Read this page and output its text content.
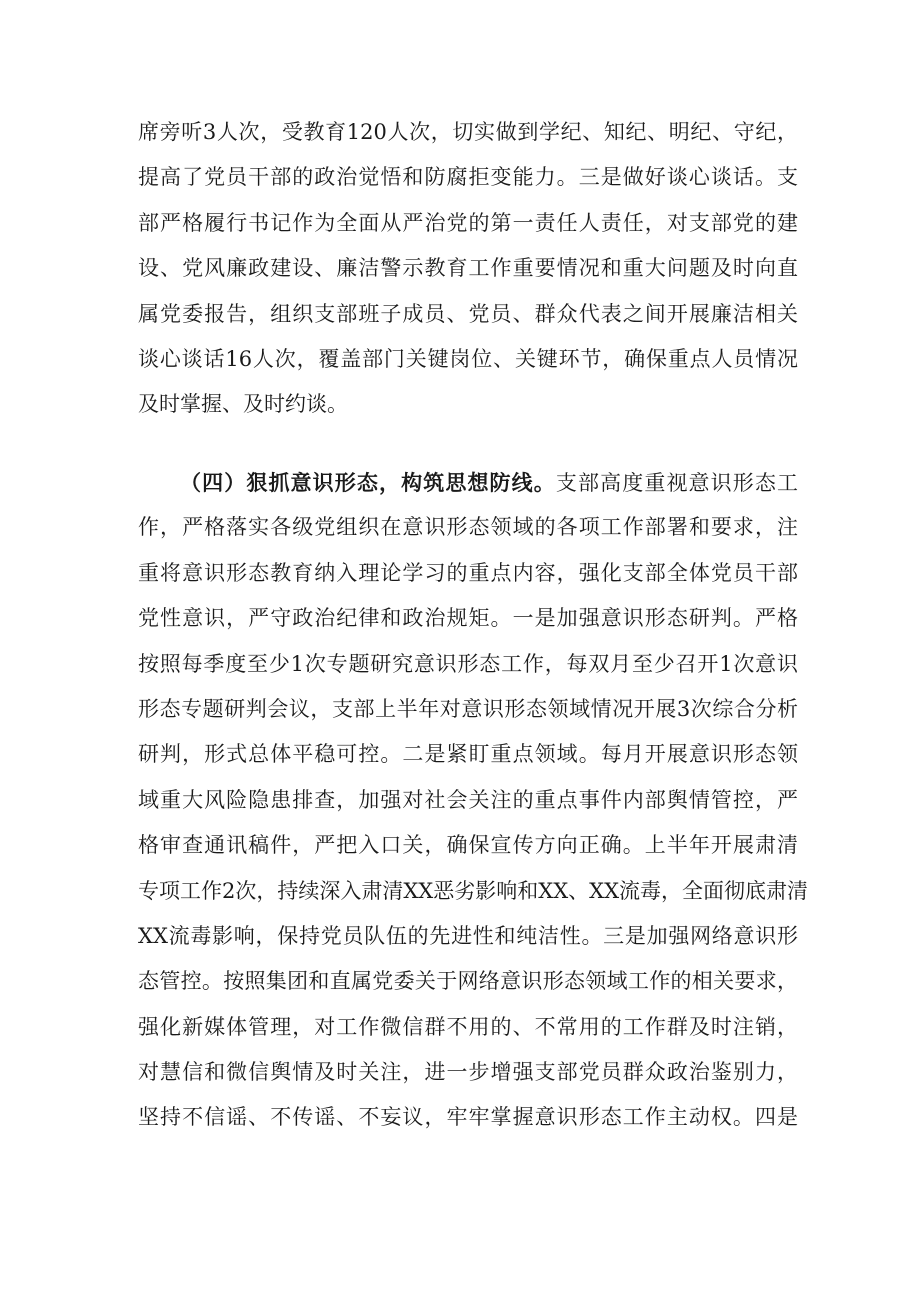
席旁听3人次，受教育120人次，切实做到学纪、知纪、明纪、守纪，
提高了党员干部的政治觉悟和防腐拒变能力。三是做好谈心谈话。支
部严格履行书记作为全面从严治党的第一责任人责任，对支部党的建
设、党风廉政建设、廉洁警示教育工作重要情况和重大问题及时向直
属党委报告，组织支部班子成员、党员、群众代表之间开展廉洁相关
谈心谈话16人次，覆盖部门关键岗位、关键环节，确保重点人员情况
及时掌握、及时约谈。
（四）狠抓意识形态，构筑思想防线。支部高度重视意识形态工
作，严格落实各级党组织在意识形态领域的各项工作部署和要求，注
重将意识形态教育纳入理论学习的重点内容，强化支部全体党员干部
党性意识，严守政治纪律和政治规矩。一是加强意识形态研判。严格
按照每季度至少1次专题研究意识形态工作，每双月至少召开1次意识
形态专题研判会议，支部上半年对意识形态领域情况开展3次综合分析
研判，形式总体平稳可控。二是紧盯重点领域。每月开展意识形态领
域重大风险隐患排查，加强对社会关注的重点事件内部舆情管控，严
格审查通讯稿件，严把入口关，确保宣传方向正确。上半年开展肃清
专项工作2次，持续深入肃清XX恶劣影响和XX、XX流毒，全面彻底肃清
XX流毒影响，保持党员队伍的先进性和纯洁性。三是加强网络意识形
态管控。按照集团和直属党委关于网络意识形态领域工作的相关要求，
强化新媒体管理，对工作微信群不用的、不常用的工作群及时注销，
对慧信和微信舆情及时关注，进一步增强支部党员群众政治鉴别力，
坚持不信谣、不传谣、不妄议，牢牢掌握意识形态工作主动权。四是
